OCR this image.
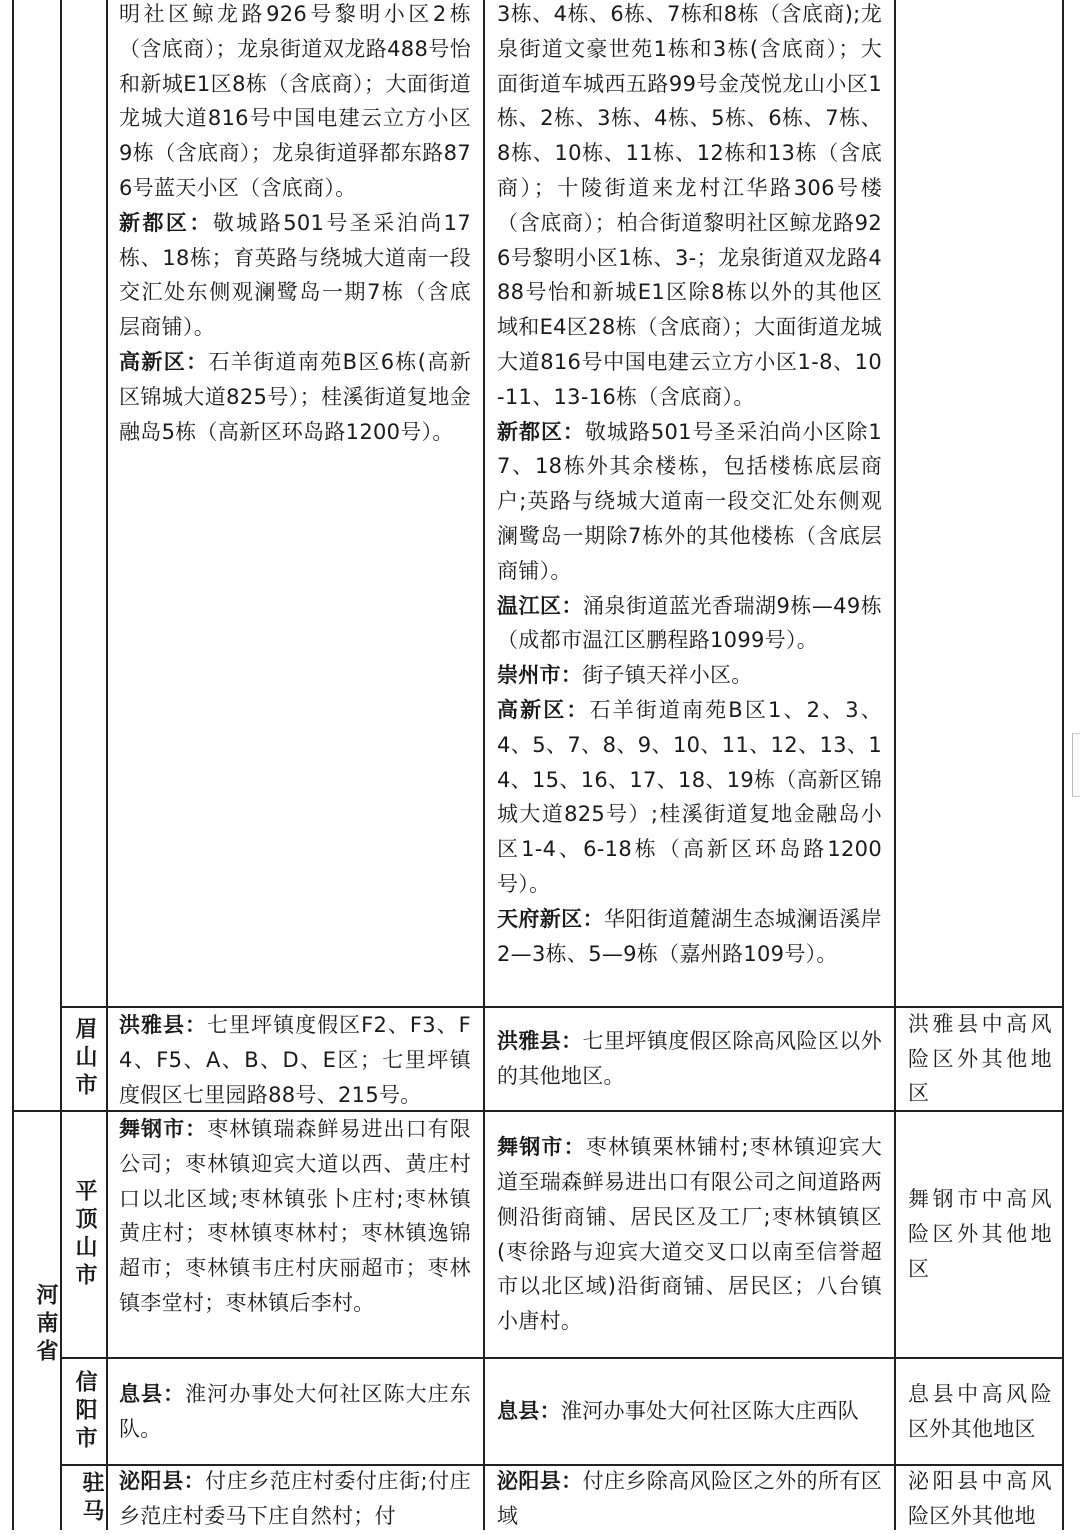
明社区鲸龙路926号黎明小区2栋（含底商）；龙泉街道双龙路488号怡和新城E1区8栋（含底商）；大面街道龙城大道816号中国电建云立方小区9栋（含底商）；龙泉街道驿都东路876号蓝天小区（含底商）。

新都区：敬城路501号圣采泊尚17栋、18栋；育英路与绕城大道南一段交汇处东侧观澜鹭岛一期7栋（含底层商铺）。

高新区：石羊街道南苑B区6栋(高新区锦城大道825号）；桂溪街道复地金融岛5栋（高新区环岛路1200号）。

3栋、4栋、6栋、7栋和8栋（含底商);龙泉街道文豪世苑1栋和3栋(含底商）；大面街道车城西五路99号金茂悦龙山小区1栋、2栋、3栋、4栋、5栋、6栋、7栋、8栋、10栋、11栋、12栋和13栋（含底商）；十陵街道来龙村江华路306号楼（含底商）；柏合街道黎明社区鲸龙路926号黎明小区1栋、3-；龙泉街道双龙路488号怡和新城E1区除8栋以外的其他区域和E4区28栋（含底商）；大面街道龙城大道816号中国电建云立方小区1-8、10-11、13-16栋（含底商）。

新都区：敬城路501号圣采泊尚小区除17、18栋外其余楼栋，包括楼栋底层商户;英路与绕城大道南一段交汇处东侧观澜鹭岛一期除7栋外的其他楼栋（含底层商铺）。

温江区：涌泉街道蓝光香瑞湖9栋—49栋（成都市温江区鹏程路1099号）。

崇州市：街子镇天祥小区。

高新区：石羊街道南苑B区1、2、3、4、5、7、8、9、10、11、12、13、14、15、16、17、18、19栋（高新区锦城大道825号）;桂溪街道复地金融岛小区1-4、6-18栋（高新区环岛路1200号）。

天府新区：华阳街道麓湖生态城澜语溪岸2—3栋、5—9栋（嘉州路109号）。

眉山市	洪雅县：七里坪镇度假区F2、F3、F4、F5、A、B、D、E区；七里坪镇度假区七里园路88号、215号。

洪雅县：七里坪镇度假区除高风险区以外的其他地区。

洪雅县中高风险区外其他地区

河南省
平顶山市

舞钢市：枣林镇瑞森鲜易进出口有限公司；枣林镇迎宾大道以西、黄庄村口以北区域;枣林镇张卜庄村;枣林镇黄庄村；枣林镇枣林村；枣林镇逸锦超市；枣林镇韦庄村庆丽超市；枣林镇李堂村；枣林镇后李村。

舞钢市：枣林镇栗林铺村;枣林镇迎宾大道至瑞森鲜易进出口有限公司之间道路两侧沿街商铺、居民区及工厂;枣林镇镇区(枣徐路与迎宾大道交叉口以南至信誉超市以北区域)沿街商铺、居民区；八台镇小唐村。

舞钢市中高风险区外其他地区

信阳市	息县：淮河办事处大何社区陈大庄东队。

息县：淮河办事处大何社区陈大庄西队

息县中高风险区外其他地区

驻马 泌阳县：付庄乡范庄村委付庄街;付庄乡范庄村委马下庄自然村；付

泌阳县：付庄乡除高风险区之外的所有区域

泌阳县中高风险区外其他地
